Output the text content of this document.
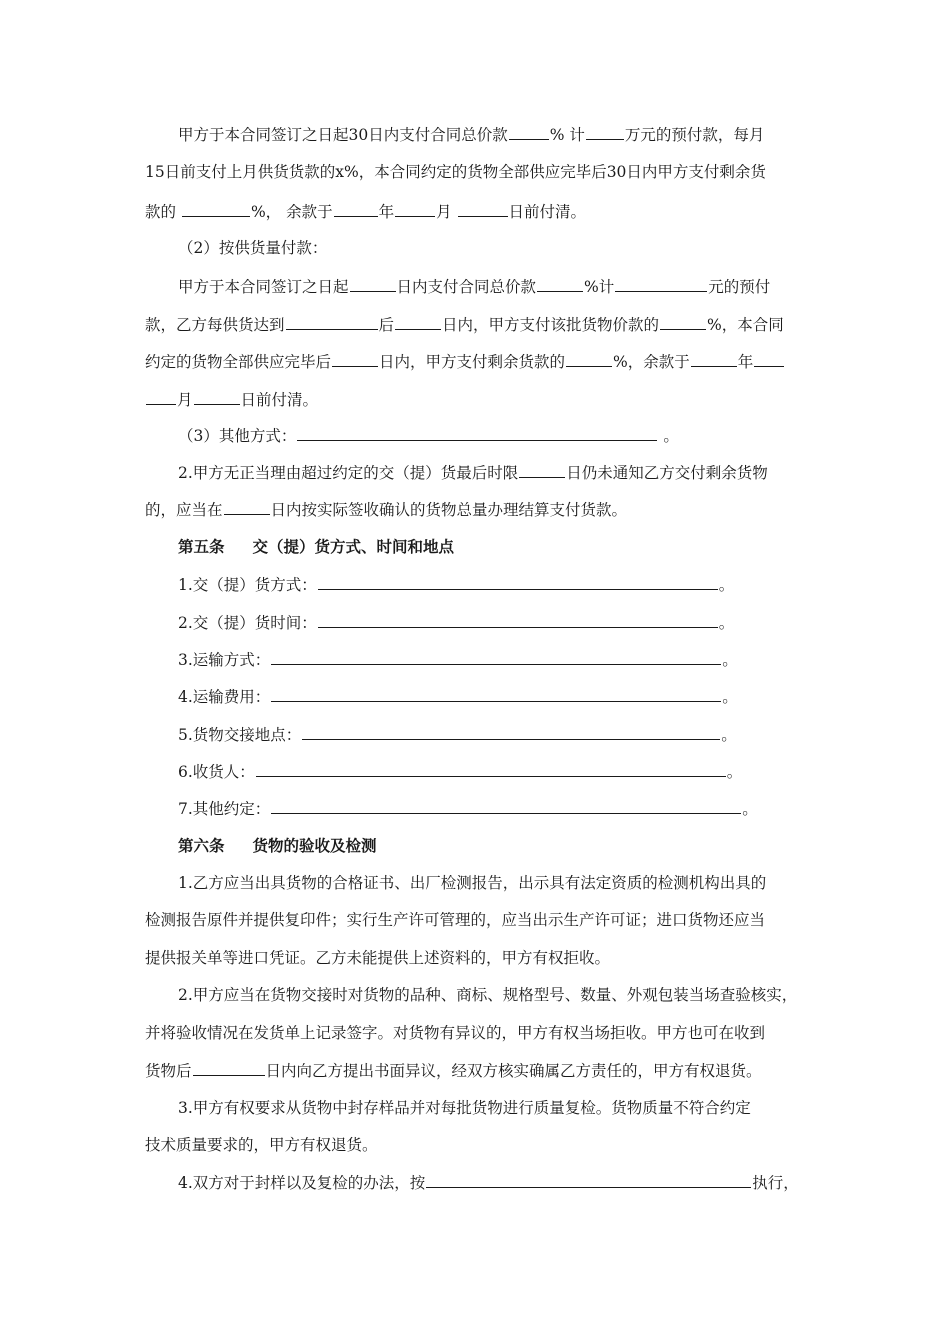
甲方于本合同签订之日起30日内支付合同总价款	% 计	万元的预付款，每月
15日前支付上月供货货款的x%，本合同约定的货物全部供应完毕后30日内甲方支付剩余货
款的	%， 余款于	年	月	日前付清。
（2）按供货量付款：
甲方于本合同签订之日起	日内支付合同总价款	%计	元的预付
款，乙方每供货达到	后	日内，甲方支付该批货物价款的	%，本合同
约定的货物全部供应完毕后	日内，甲方支付剩余货款的	%，余款于	年
月	日前付清。
（3）其他方式：	。
2.甲方无正当理由超过约定的交（提）货最后时限	日仍未通知乙方交付剩余货物
的，应当在	日内按实际签收确认的货物总量办理结算支付货款。
第五条 交（提）货方式、时间和地点
1.交（提）货方式：	。
2.交（提）货时间：	。
3.运输方式：	。
4.运输费用：	。
5.货物交接地点：	。
6.收货人：	。
7.其他约定：	。
第六条 货物的验收及检测
1.乙方应当出具货物的合格证书、出厂检测报告，出示具有法定资质的检测机构出具的
检测报告原件并提供复印件；实行生产许可管理的，应当出示生产许可证；进口货物还应当
提供报关单等进口凭证。乙方未能提供上述资料的，甲方有权拒收。
2.甲方应当在货物交接时对货物的品种、商标、规格型号、数量、外观包装当场查验核实，
并将验收情况在发货单上记录签字。对货物有异议的，甲方有权当场拒收。甲方也可在收到
货物后	日内向乙方提出书面异议，经双方核实确属乙方责任的，甲方有权退货。
3.甲方有权要求从货物中封存样品并对每批货物进行质量复检。货物质量不符合约定
技术质量要求的，甲方有权退货。
4.双方对于封样以及复检的办法，按	执行，
